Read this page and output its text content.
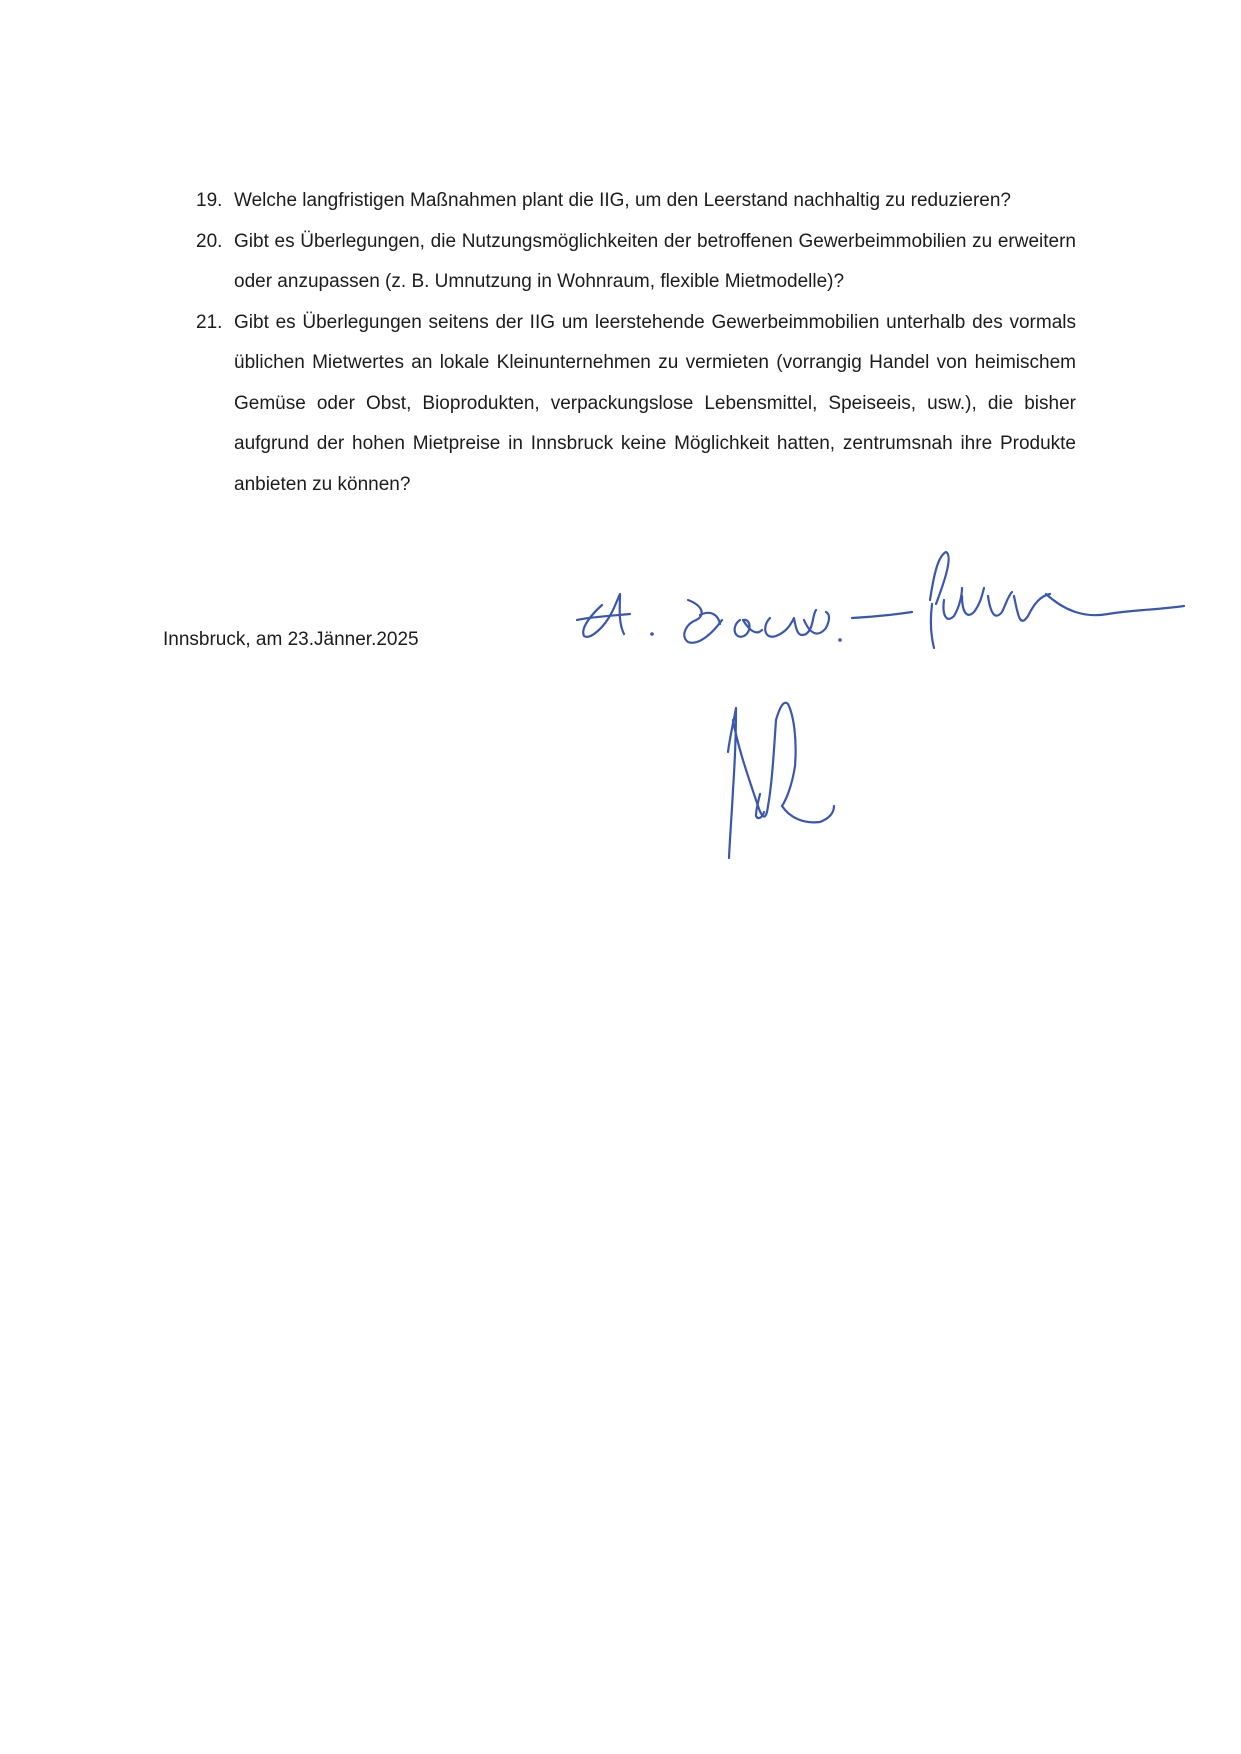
19. Welche langfristigen Maßnahmen plant die IIG, um den Leerstand nachhaltig zu reduzieren?
20. Gibt es Überlegungen, die Nutzungsmöglichkeiten der betroffenen Gewerbeimmobilien zu erweitern oder anzupassen (z. B. Umnutzung in Wohnraum, flexible Mietmodelle)?
21. Gibt es Überlegungen seitens der IIG um leerstehende Gewerbeimmobilien unterhalb des vormals üblichen Mietwertes an lokale Kleinunternehmen zu vermieten (vorrangig Handel von heimischem Gemüse oder Obst, Bioprodukten, verpackungslose Lebensmittel, Speiseeis, usw.), die bisher aufgrund der hohen Mietpreise in Innsbruck keine Möglichkeit hatten, zentrumsnah ihre Produkte anbieten zu können?
Innsbruck, am 23.Jänner.2025
